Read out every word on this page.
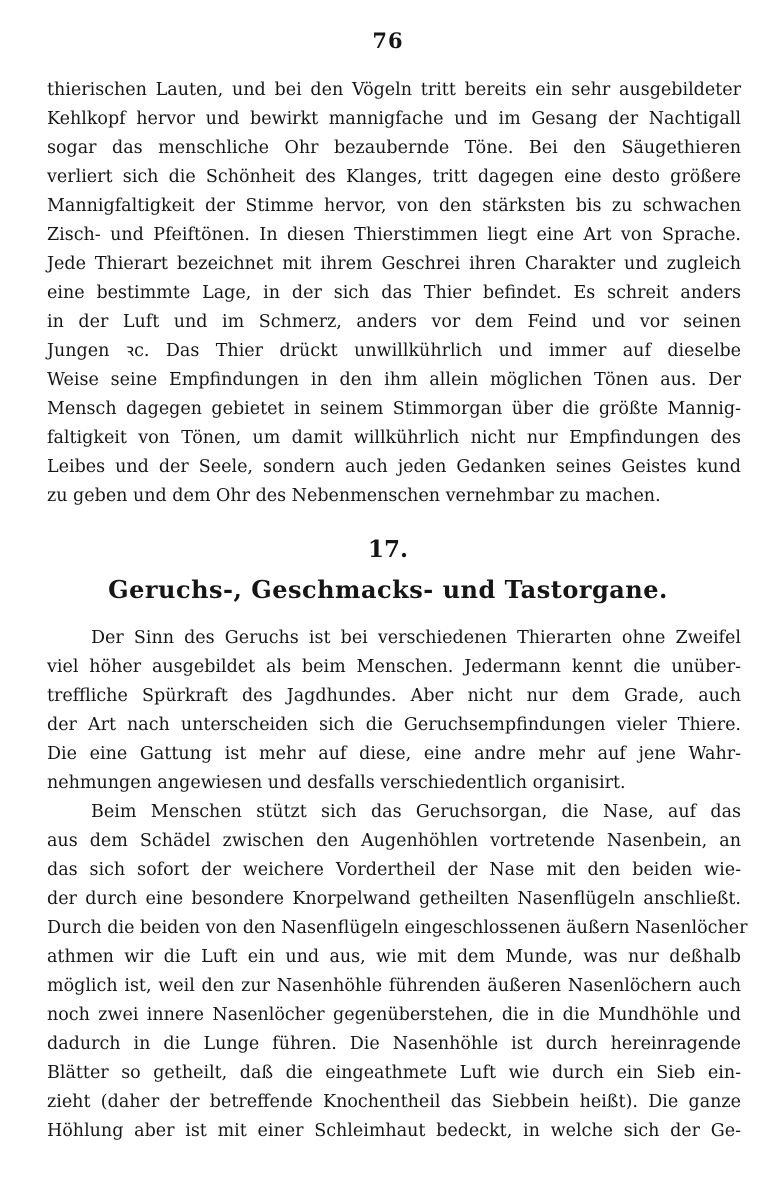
76
thierischen Lauten, und bei den Vögeln tritt bereits ein sehr ausgebildeter
Kehlkopf hervor und bewirkt mannigfache und im Gesang der Nachtigall
sogar das menschliche Ohr bezaubernde Töne. Bei den Säugethieren
verliert sich die Schönheit des Klanges, tritt dagegen eine desto größere
Mannigfaltigkeit der Stimme hervor, von den stärksten bis zu schwachen
Zisch- und Pfeiftönen. In diesen Thierstimmen liegt eine Art von Sprache.
Jede Thierart bezeichnet mit ihrem Geschrei ihren Charakter und zugleich
eine bestimmte Lage, in der sich das Thier befindet. Es schreit anders
in der Luft und im Schmerz, anders vor dem Feind und vor seinen
Jungen ꝛc. Das Thier drückt unwillkührlich und immer auf dieselbe
Weise seine Empfindungen in den ihm allein möglichen Tönen aus. Der
Mensch dagegen gebietet in seinem Stimmorgan über die größte Mannig-
faltigkeit von Tönen, um damit willkührlich nicht nur Empfindungen des
Leibes und der Seele, sondern auch jeden Gedanken seines Geistes kund
zu geben und dem Ohr des Nebenmenschen vernehmbar zu machen.
17.
Geruchs-, Geschmacks- und Tastorgane.
Der Sinn des Geruchs ist bei verschiedenen Thierarten ohne Zweifel
viel höher ausgebildet als beim Menschen. Jedermann kennt die unüber-
treffliche Spürkraft des Jagdhundes. Aber nicht nur dem Grade, auch
der Art nach unterscheiden sich die Geruchsempfindungen vieler Thiere.
Die eine Gattung ist mehr auf diese, eine andre mehr auf jene Wahr-
nehmungen angewiesen und desfalls verschiedentlich organisirt.
Beim Menschen stützt sich das Geruchsorgan, die Nase, auf das
aus dem Schädel zwischen den Augenhöhlen vortretende Nasenbein, an
das sich sofort der weichere Vordertheil der Nase mit den beiden wie-
der durch eine besondere Knorpelwand getheilten Nasenflügeln anschließt.
Durch die beiden von den Nasenflügeln eingeschlossenen äußern Nasenlöcher
athmen wir die Luft ein und aus, wie mit dem Munde, was nur deßhalb
möglich ist, weil den zur Nasenhöhle führenden äußeren Nasenlöchern auch
noch zwei innere Nasenlöcher gegenüberstehen, die in die Mundhöhle und
dadurch in die Lunge führen. Die Nasenhöhle ist durch hereinragende
Blätter so getheilt, daß die eingeathmete Luft wie durch ein Sieb ein-
zieht (daher der betreffende Knochentheil das Siebbein heißt). Die ganze
Höhlung aber ist mit einer Schleimhaut bedeckt, in welche sich der Ge-
